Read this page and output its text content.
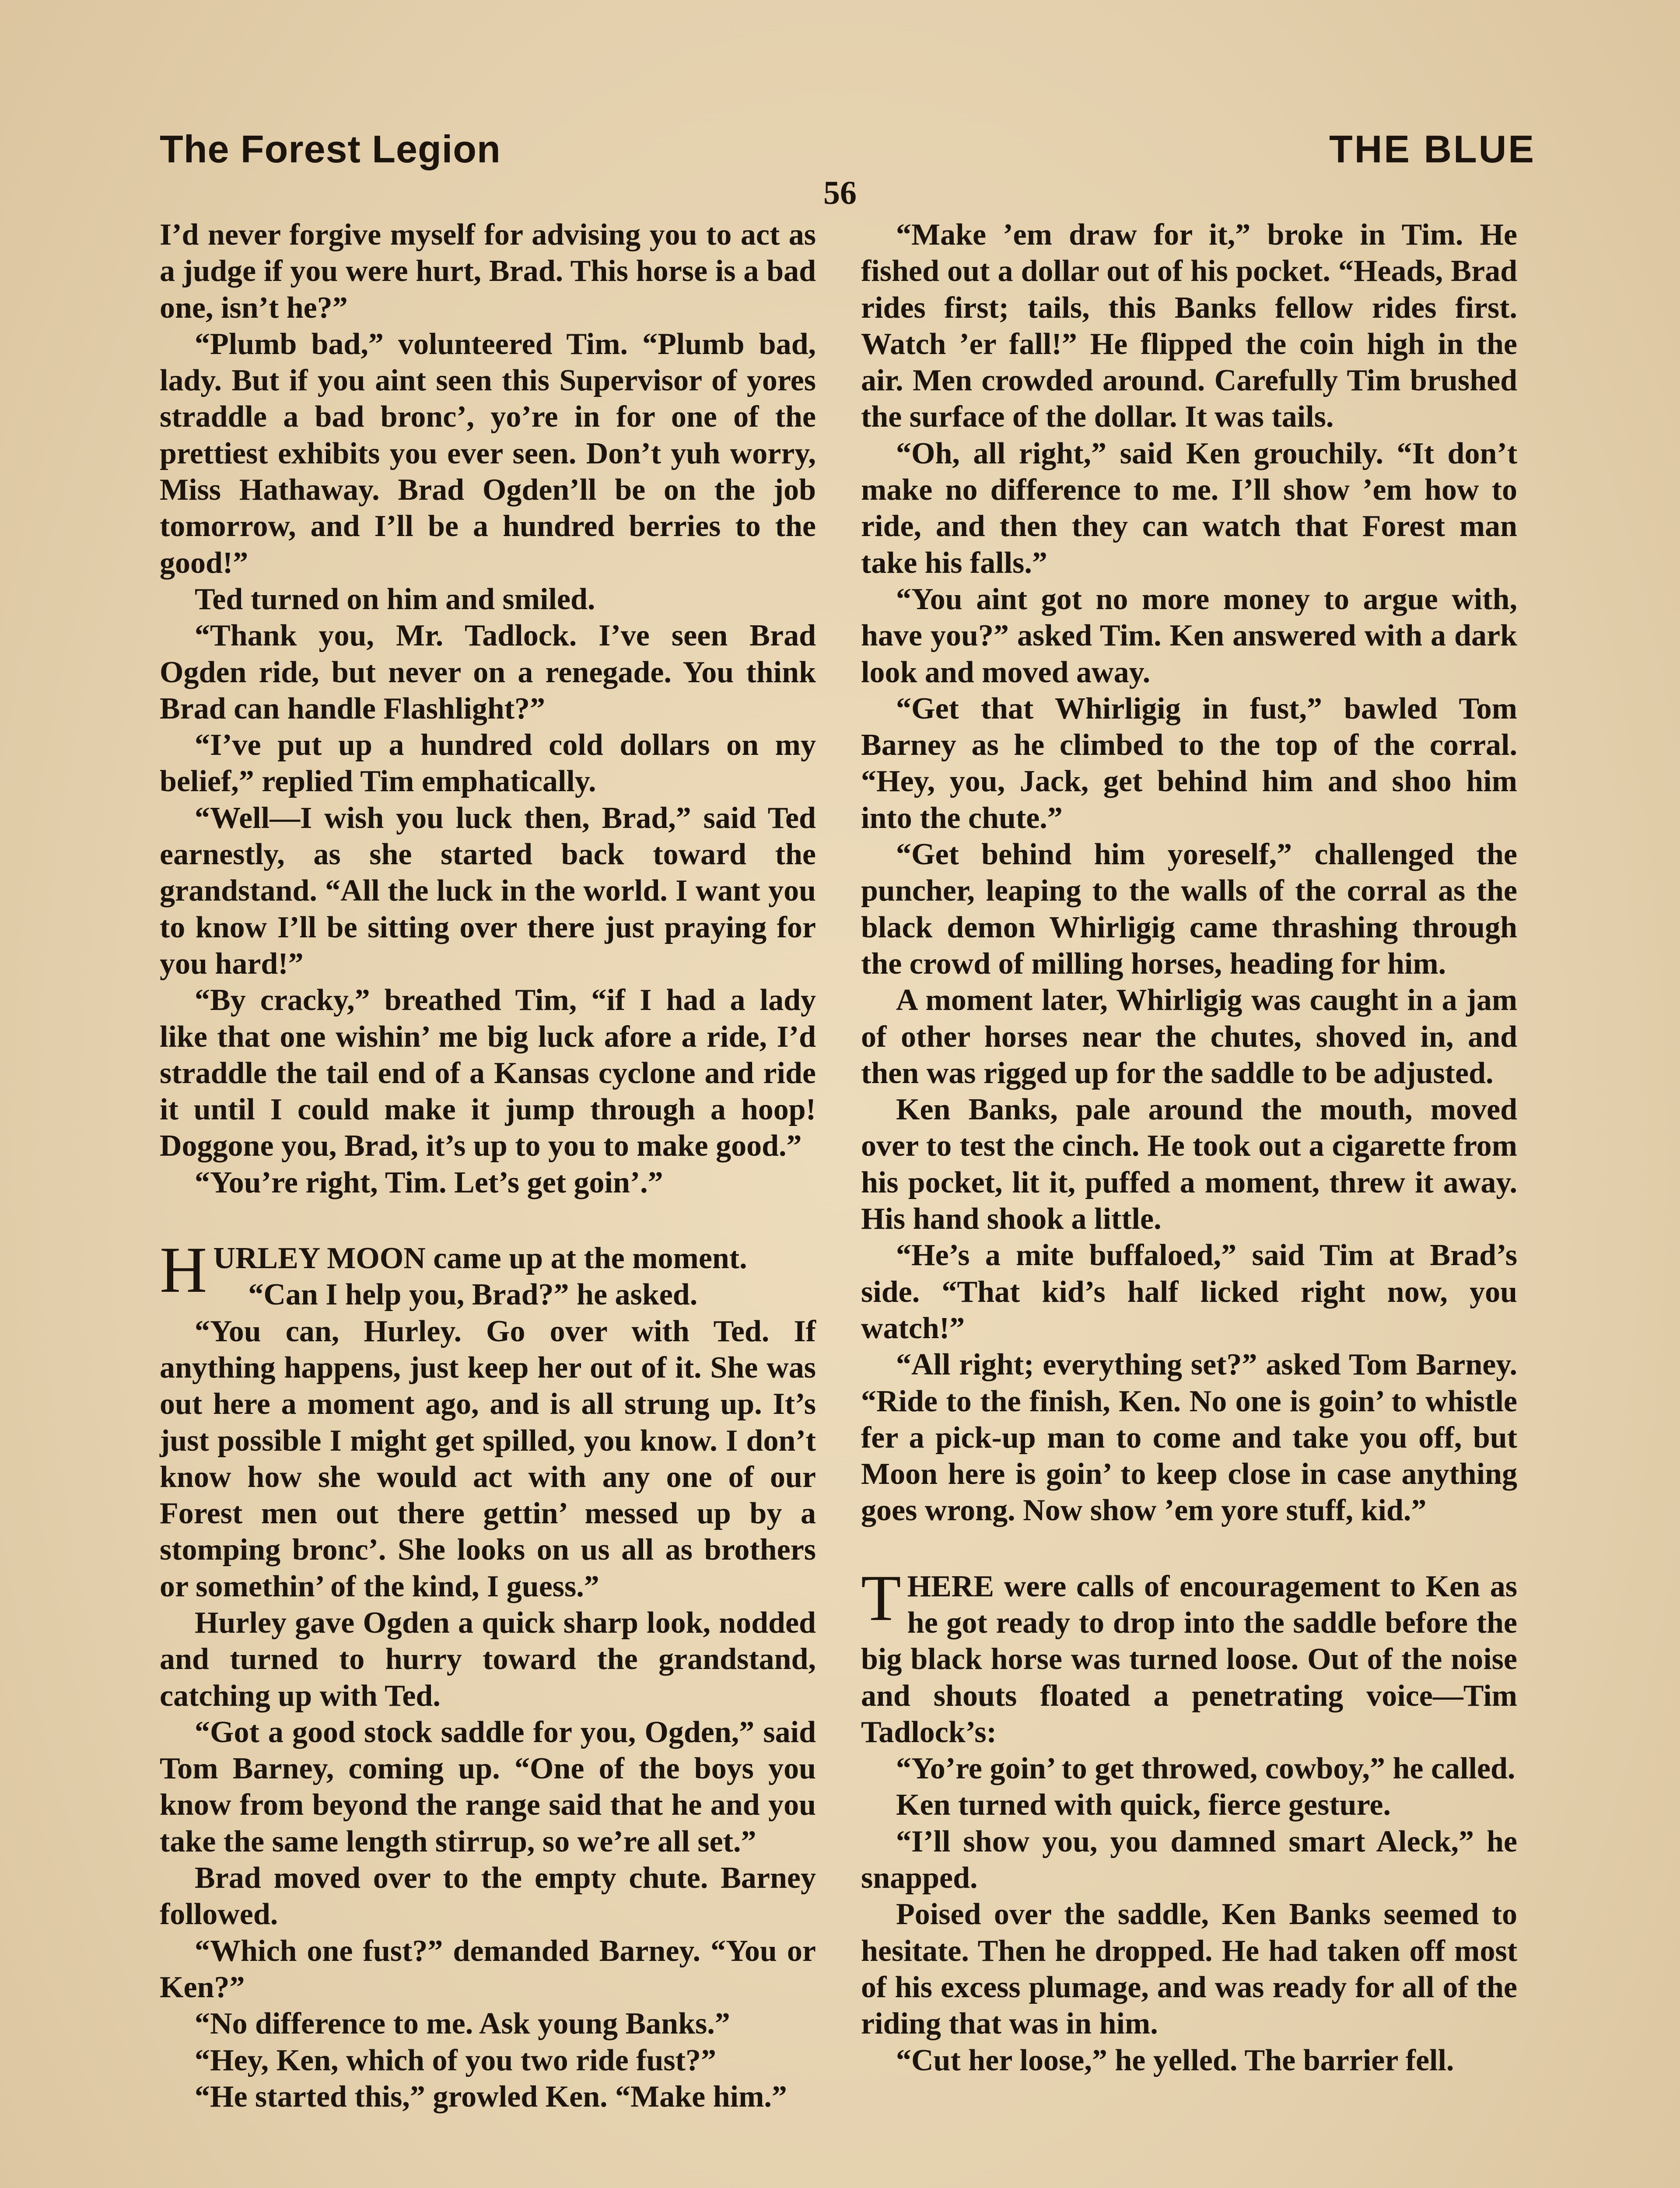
The Forest Legion	THE BLUE
56

I’d never forgive myself for advising you to act as a judge if you were hurt, Brad. This horse is a bad one, isn’t he?”

“Plumb bad,” volunteered Tim. “Plumb bad, lady. But if you aint seen this Supervisor of yores straddle a bad bronc’, yo’re in for one of the prettiest exhibits you ever seen. Don’t yuh worry, Miss Hathaway. Brad Ogden’ll be on the job tomorrow, and I’ll be a hundred berries to the good!”

Ted turned on him and smiled.

“Thank you, Mr. Tadlock. I’ve seen Brad Ogden ride, but never on a renegade. You think Brad can handle Flashlight?”

“I’ve put up a hundred cold dollars on my belief,” replied Tim emphatically.

“Well—I wish you luck then, Brad,” said Ted earnestly, as she started back toward the grandstand. “All the luck in the world. I want you to know I’ll be sitting over there just praying for you hard!”

“By cracky,” breathed Tim, “if I had a lady like that one wishin’ me big luck afore a ride, I’d straddle the tail end of a Kansas cyclone and ride it until I could make it jump through a hoop! Doggone you, Brad, it’s up to you to make good.”

“You’re right, Tim. Let’s get goin’.”

HURLEY MOON came up at the moment.

“Can I help you, Brad?” he asked.

“You can, Hurley. Go over with Ted. If anything happens, just keep her out of it. She was out here a moment ago, and is all strung up. It’s just possible I might get spilled, you know. I don’t know how she would act with any one of our Forest men out there gettin’ messed up by a stomping bronc’. She looks on us all as brothers or somethin’ of the kind, I guess.”

Hurley gave Ogden a quick sharp look, nodded and turned to hurry toward the grandstand, catching up with Ted.

“Got a good stock saddle for you, Ogden,” said Tom Barney, coming up. “One of the boys you know from beyond the range said that he and you take the same length stirrup, so we’re all set.”

Brad moved over to the empty chute. Barney followed.

“Which one fust?” demanded Barney. “You or Ken?”

“No difference to me. Ask young Banks.”

“Hey, Ken, which of you two ride fust?”

“He started this,” growled Ken. “Make him.”

“Make ’em draw for it,” broke in Tim. He fished out a dollar out of his pocket. “Heads, Brad rides first; tails, this Banks fellow rides first. Watch ’er fall!” He flipped the coin high in the air. Men crowded around. Carefully Tim brushed the surface of the dollar. It was tails.

“Oh, all right,” said Ken grouchily. “It don’t make no difference to me. I’ll show ’em how to ride, and then they can watch that Forest man take his falls.”

“You aint got no more money to argue with, have you?” asked Tim. Ken answered with a dark look and moved away.

“Get that Whirligig in fust,” bawled Tom Barney as he climbed to the top of the corral. “Hey, you, Jack, get behind him and shoo him into the chute.”

“Get behind him yoreself,” challenged the puncher, leaping to the walls of the corral as the black demon Whirligig came thrashing through the crowd of milling horses, heading for him.

A moment later, Whirligig was caught in a jam of other horses near the chutes, shoved in, and then was rigged up for the saddle to be adjusted.

Ken Banks, pale around the mouth, moved over to test the cinch. He took out a cigarette from his pocket, lit it, puffed a moment, threw it away. His hand shook a little.

“He’s a mite buffaloed,” said Tim at Brad’s side. “That kid’s half licked right now, you watch!”

“All right; everything set?” asked Tom Barney. “Ride to the finish, Ken. No one is goin’ to whistle fer a pick-up man to come and take you off, but Moon here is goin’ to keep close in case anything goes wrong. Now show ’em yore stuff, kid.”

THERE were calls of encouragement to Ken as he got ready to drop into the saddle before the big black horse was turned loose. Out of the noise and shouts floated a penetrating voice—Tim Tadlock’s:

“Yo’re goin’ to get throwed, cowboy,” he called.

Ken turned with quick, fierce gesture.

“I’ll show you, you damned smart Aleck,” he snapped.

Poised over the saddle, Ken Banks seemed to hesitate. Then he dropped. He had taken off most of his excess plumage, and was ready for all of the riding that was in him.

“Cut her loose,” he yelled. The barrier fell.
